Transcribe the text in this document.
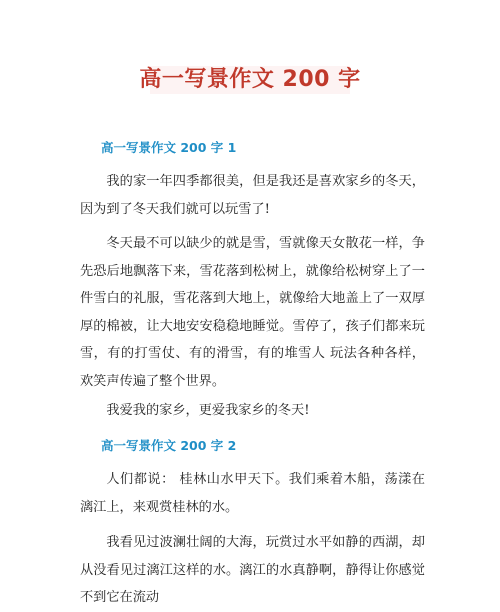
高一写景作文 200 字
高一写景作文 200 字 1
我的家一年四季都很美，但是我还是喜欢家乡的冬天，因为到了冬天我们就可以玩雪了!
冬天最不可以缺少的就是雪，雪就像天女散花一样，争先恐后地飘落下来，雪花落到松树上，就像给松树穿上了一件雪白的礼服，雪花落到大地上，就像给大地盖上了一双厚厚的棉被，让大地安安稳稳地睡觉。雪停了，孩子们都来玩雪，有的打雪仗、有的滑雪，有的堆雪人 玩法各种各样，欢笑声传遍了整个世界。
我爱我的家乡，更爱我家乡的冬天!
高一写景作文 200 字 2
人们都说： 桂林山水甲天下。我们乘着木船，荡漾在漓江上，来观赏桂林的水。
我看见过波澜壮阔的大海，玩赏过水平如静的西湖，却从没看见过漓江这样的水。漓江的水真静啊，静得让你感觉不到它在流动
